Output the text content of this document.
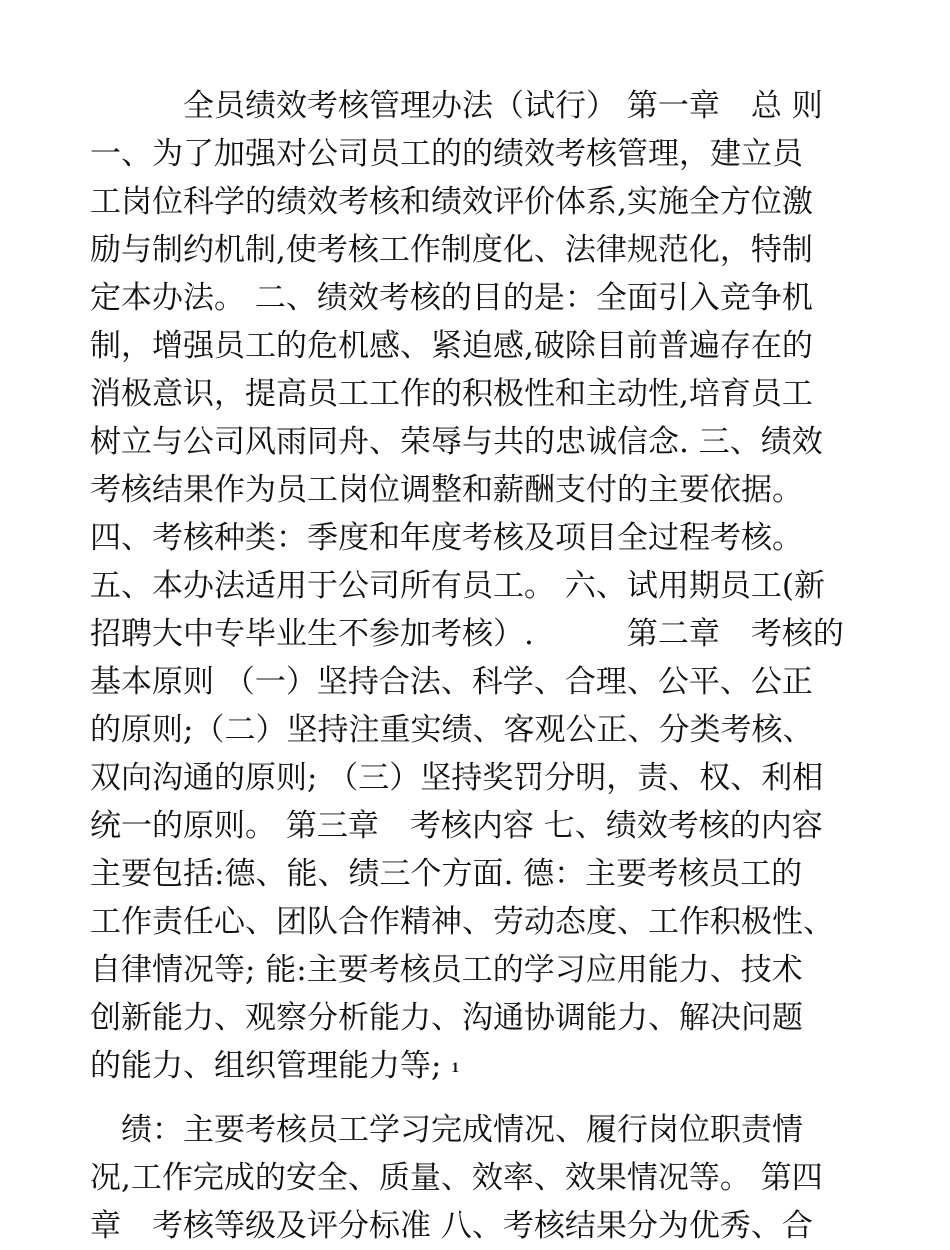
　　　全员绩效考核管理办法（试行） 第一章　总 则
一、为了加强对公司员工的的绩效考核管理，建立员
工岗位科学的绩效考核和绩效评价体系,实施全方位激
励与制约机制,使考核工作制度化、法律规范化，特制
定本办法。 二、绩效考核的目的是：全面引入竞争机
制，增强员工的危机感、紧迫感,破除目前普遍存在的
消极意识，提高员工工作的积极性和主动性,培育员工
树立与公司风雨同舟、荣辱与共的忠诚信念. 三、绩效
考核结果作为员工岗位调整和薪酬支付的主要依据。
四、考核种类：季度和年度考核及项目全过程考核。
五、本办法适用于公司所有员工。 六、试用期员工(新
招聘大中专毕业生不参加考核）.　　　第二章　考核的
基本原则 （一）坚持合法、科学、合理、公平、公正
的原则;（二）坚持注重实绩、客观公正、分类考核、
双向沟通的原则; （三）坚持奖罚分明，责、权、利相
统一的原则。 第三章　考核内容 七、绩效考核的内容
主要包括:德、能、绩三个方面. 德：主要考核员工的
工作责任心、团队合作精神、劳动态度、工作积极性、
自律情况等; 能:主要考核员工的学习应用能力、技术
创新能力、观察分析能力、沟通协调能力、解决问题
的能力、组织管理能力等; 1
　绩：主要考核员工学习完成情况、履行岗位职责情
况,工作完成的安全、质量、效率、效果情况等。 第四
章　考核等级及评分标准 八、考核结果分为优秀、合
